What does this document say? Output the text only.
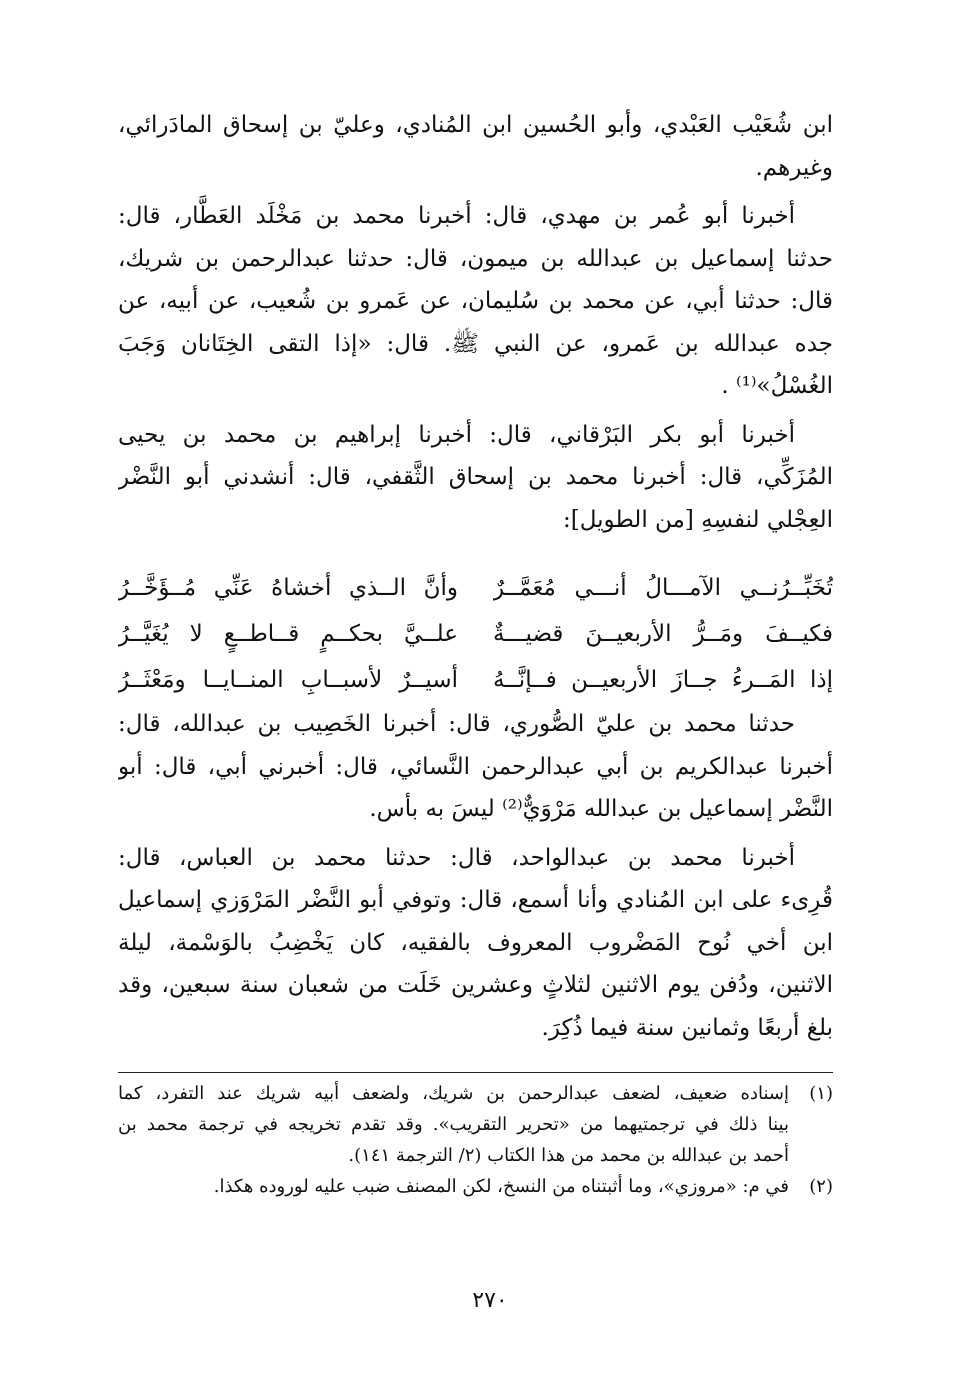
ابن شُعَيْب العَبْدي، وأبو الحُسين ابن المُنادي، وعليّ بن إسحاق المادَرائي،
وغيرهم.
أخبرنا أبو عُمر بن مهدي، قال: أخبرنا محمد بن مَخْلَد العَطَّار، قال:
حدثنا إسماعيل بن عبدالله بن ميمون، قال: حدثنا عبدالرحمن بن شريك،
قال: حدثنا أبي، عن محمد بن سُليمان، عن عَمرو بن شُعيب، عن أبيه، عن
جده عبدالله بن عَمرو، عن النبي ﷺ. قال: «إذا التقى الخِتَانان وَجَبَ
الغُسْلُ»⁽¹⁾ .
أخبرنا أبو بكر البَرْقاني، قال: أخبرنا إبراهيم بن محمد بن يحيى
المُزَكِّي، قال: أخبرنا محمد بن إسحاق الثَّقفي، قال: أنشدني أبو النَّضْر
العِجْلي لنفسِهِ [من الطويل]:
تُخَبِّــرُنــي الآمـــالُ أنـــي مُعَمَّــرٌ
وأنَّ الــذي أخشاهُ عَنِّي مُــؤَخَّــرُ
فكيــفَ ومَــرُّ الأربعيــنَ قضيـــةٌ
علــيَّ بحكــمٍ قــاطــعٍ لا يُغَيَّــرُ
إذا المَــرءُ جــازَ الأربعيــن فــإنَّــهُ
أسيــرٌ لأسبــابِ المنــايــا ومَعْثَــرُ
حدثنا محمد بن عليّ الصُّوري، قال: أخبرنا الخَصِيب بن عبدالله، قال:
أخبرنا عبدالكريم بن أبي عبدالرحمن النَّسائي، قال: أخبرني أبي، قال: أبو
النَّضْر إسماعيل بن عبدالله مَرْوَيٌّ⁽²⁾ ليسَ به بأس.
أخبرنا محمد بن عبدالواحد، قال: حدثنا محمد بن العباس، قال:
قُرِىء على ابن المُنادي وأنا أسمع، قال: وتوفي أبو النَّضْر المَرْوَزي إسماعيل
ابن أخي نُوح المَضْروب المعروف بالفقيه، كان يَخْضِبُ بالوَسْمة، ليلة
الاثنين، ودُفن يوم الاثنين لثلاثٍ وعشرين خَلَت من شعبان سنة سبعين، وقد
بلغ أربعًا وثمانين سنة فيما ذُكِرَ.
(١)إسناده ضعيف، لضعف عبدالرحمن بن شريك، ولضعف أبيه شريك عند التفرد، كما
بينا ذلك في ترجمتيهما من «تحرير التقريب». وقد تقدم تخريجه في ترجمة محمد بن
أحمد بن عبدالله بن محمد من هذا الكتاب (٢/ الترجمة ١٤١).
(٢)في م: «مروزي»، وما أثبتناه من النسخ، لكن المصنف ضبب عليه لوروده هكذا.
٢٧٠
